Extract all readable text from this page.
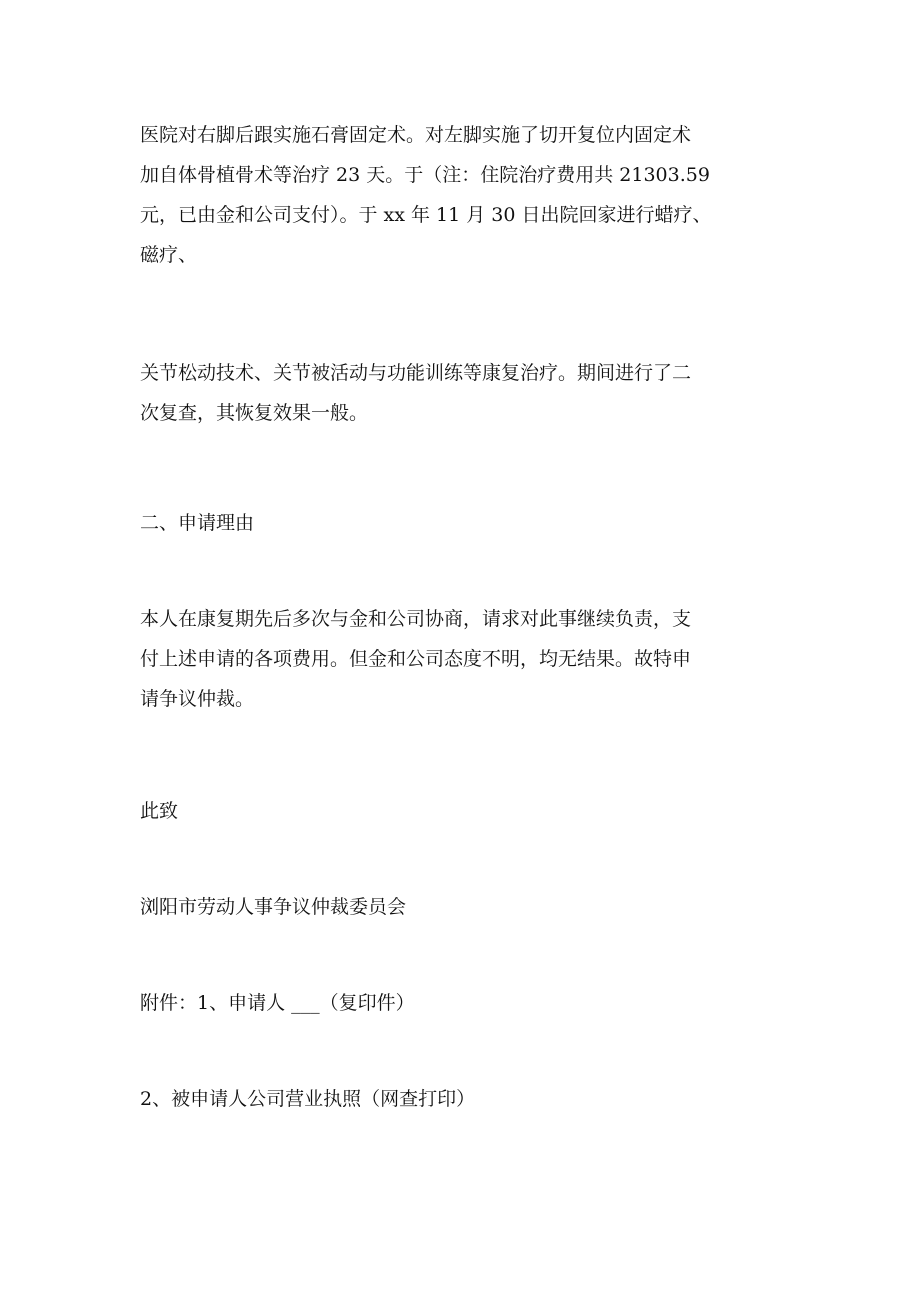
医院对右脚后跟实施石膏固定术。对左脚实施了切开复位内固定术
加自体骨植骨术等治疗 23 天。于（注：住院治疗费用共 21303.59
元，已由金和公司支付）。于 xx 年 11 月 30 日出院回家进行蜡疗、
磁疗、

关节松动技术、关节被活动与功能训练等康复治疗。期间进行了二
次复查，其恢复效果一般。

二、申请理由

本人在康复期先后多次与金和公司协商，请求对此事继续负责，支
付上述申请的各项费用。但金和公司态度不明，均无结果。故特申
请争议仲裁。

此致

浏阳市劳动人事争议仲裁委员会

附件：1、申请人 ___（复印件）

2、被申请人公司营业执照（网查打印）
